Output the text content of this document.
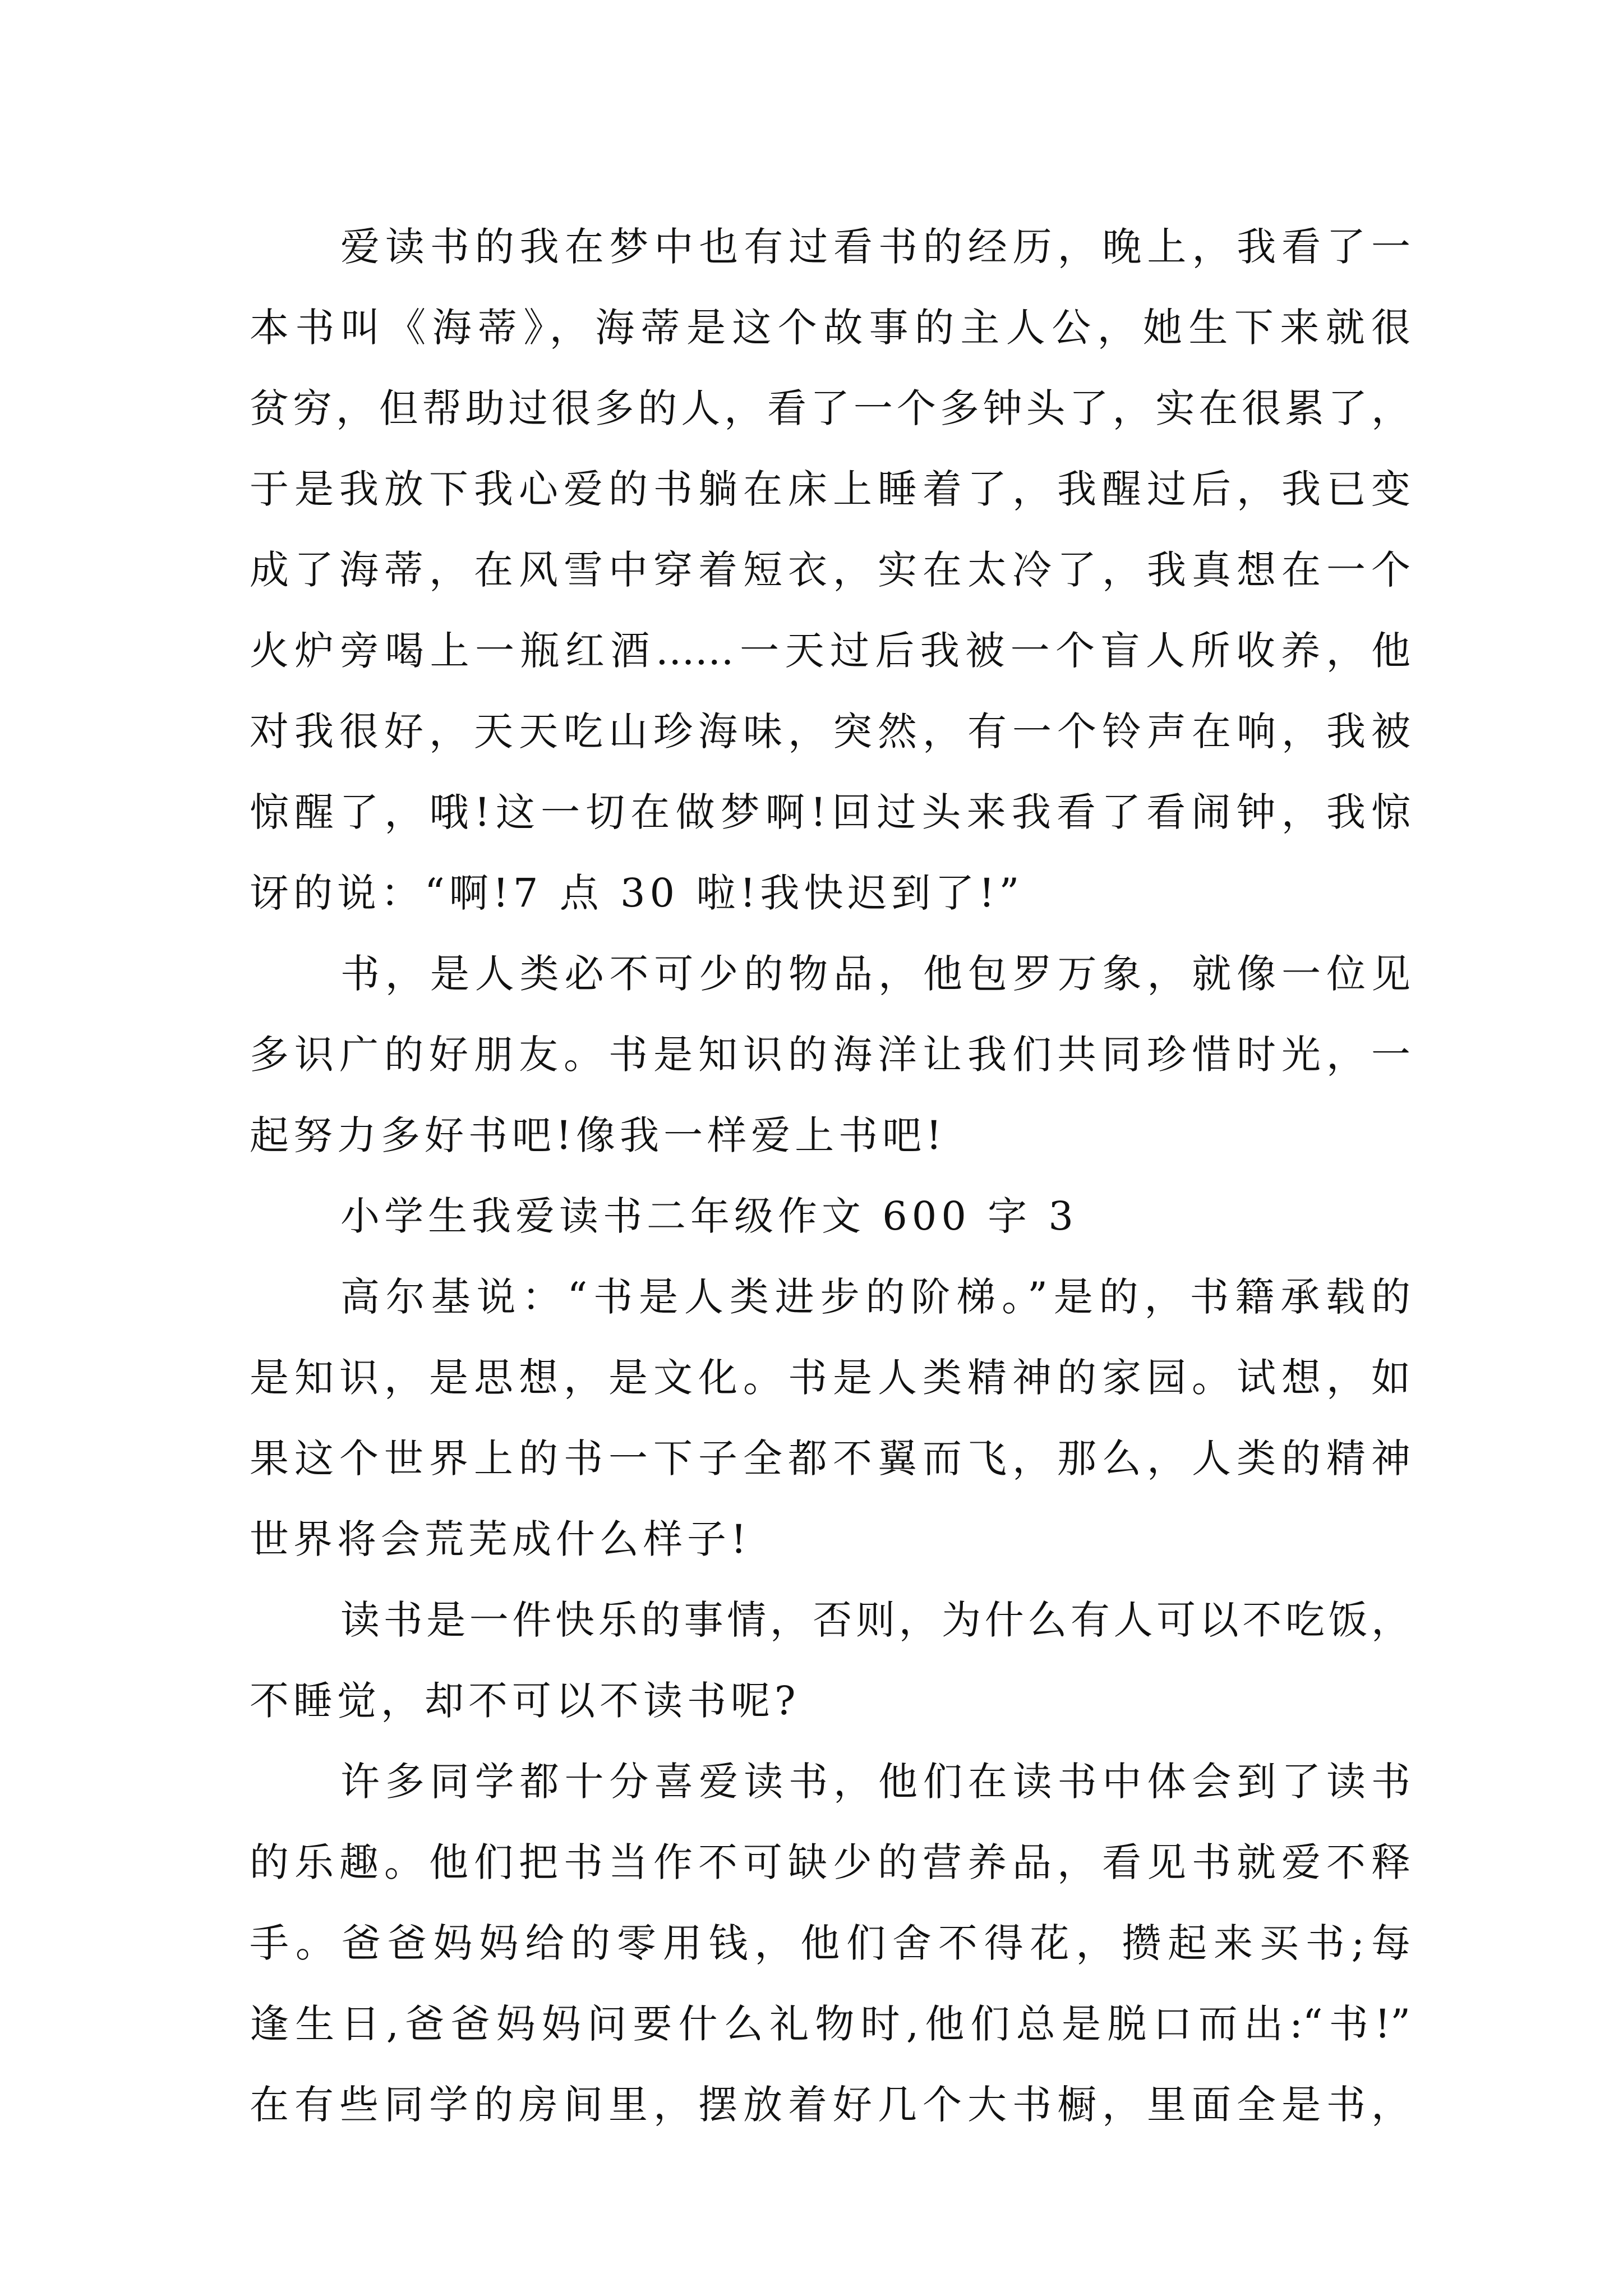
爱读书的我在梦中也有过看书的经历，晚上，我看了一
本书叫《海蒂》，海蒂是这个故事的主人公，她生下来就很
贫穷，但帮助过很多的人，看了一个多钟头了，实在很累了，
于是我放下我心爱的书躺在床上睡着了，我醒过后，我已变
成了海蒂，在风雪中穿着短衣，实在太冷了，我真想在一个
火炉旁喝上一瓶红酒……一天过后我被一个盲人所收养，他
对我很好，天天吃山珍海味，突然，有一个铃声在响，我被
惊醒了，哦!这一切在做梦啊!回过头来我看了看闹钟，我惊
讶的说：“啊!7 点 30 啦!我快迟到了!”
书，是人类必不可少的物品，他包罗万象，就像一位见
多识广的好朋友。书是知识的海洋让我们共同珍惜时光，一
起努力多好书吧!像我一样爱上书吧!
小学生我爱读书二年级作文 600 字 3
高尔基说：“书是人类进步的阶梯。”是的，书籍承载的
是知识，是思想，是文化。书是人类精神的家园。试想，如
果这个世界上的书一下子全都不翼而飞，那么，人类的精神
世界将会荒芜成什么样子!
读书是一件快乐的事情，否则，为什么有人可以不吃饭，
不睡觉，却不可以不读书呢?
许多同学都十分喜爱读书，他们在读书中体会到了读书
的乐趣。他们把书当作不可缺少的营养品，看见书就爱不释
手。爸爸妈妈给的零用钱，他们舍不得花，攒起来买书;每
逢生日,爸爸妈妈问要什么礼物时,他们总是脱口而出:“书!”
在有些同学的房间里，摆放着好几个大书橱，里面全是书，
